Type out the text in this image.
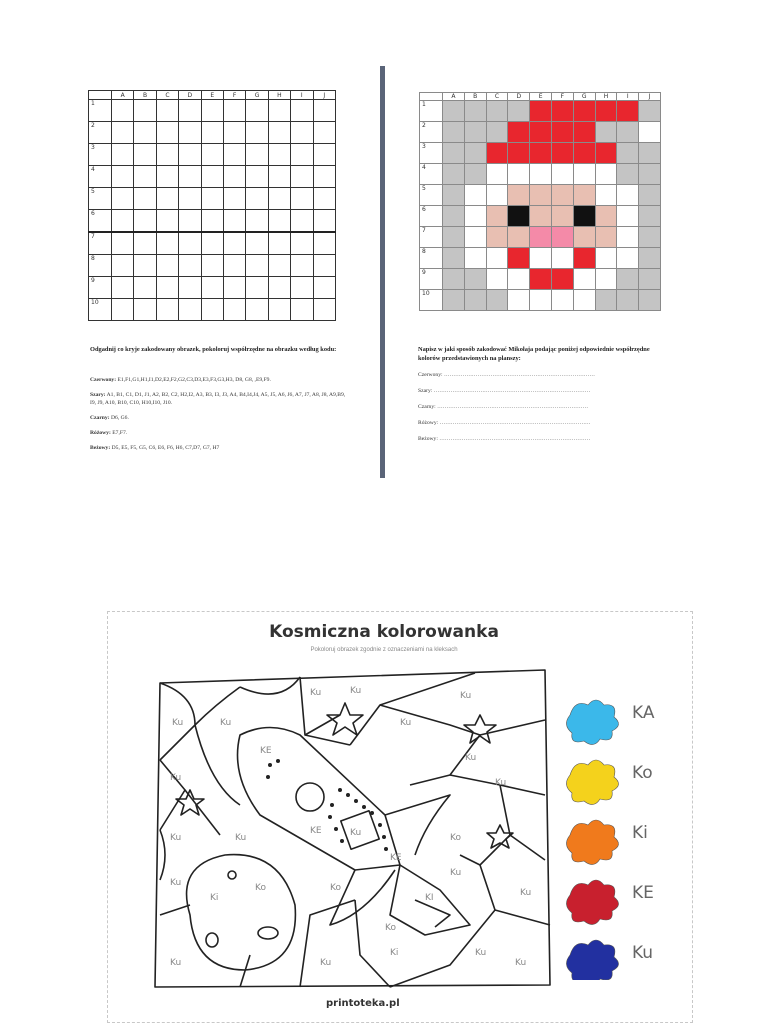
	A	B	C	D	E	F	G	H	I	J
1										
2										
3										
4										
5										
6										
7										
8										
9										
10										
	A	B	C	D	E	F	G	H	I	J
1										
2										
3										
4										
5										
6										
7										
8										
9										
10										
Odgadnij co kryje zakodowany obrazek, pokoloruj współrzędne na obrazku według kodu:
Czerwony: E1,F1,G1,H1,I1,D2,E2,F2,G2,C3,D3,E3,F3,G3,H3, D8, G8, ,E9,F9.
Szary: A1, B1, C1, D1, J1, A2, B2, C2, H2,I2, A3, B3, I3, J3, A4, B4,I4,J4, A5, J5, A6, J6, A7, J7, A8, J8, A9,B9, I9, J9, A10, B10, C10, H10,I10, J10.
Czarny: D6, G6.
Różowy: E7,F7.
Beżowy: D5, E5, F5, G5, C6, E6, F6, H6, C7,D7, G7, H7
Napisz w jaki sposób zakodować Mikołaja podając poniżej odpowiednie współrzędne kolorów przedstawionych na planszy:
Czerwony: ………………………………………………………………………
Szary: …………………………………………………………………………
Czarny: ………………………………………………………………………
Różowy: ………………………………………………………………………
Beżowy: ………………………………………………………………………
Kosmiczna kolorowanka
Pokoloruj obrazek zgodnie z oznaczeniami na kleksach
Ku
Ku	Ku	Ku
Ku
KE
Ku
Ku
Ku
Ku	Ku
KE	Ku	Ko
KE
Ki
Ko	Ko
Ku
Ku
Ku
KI
Ku	Ku
Ki	Ku
Ku
Ko
Ku
KA
Ko
Ki
KE
Ku
printoteka.pl
